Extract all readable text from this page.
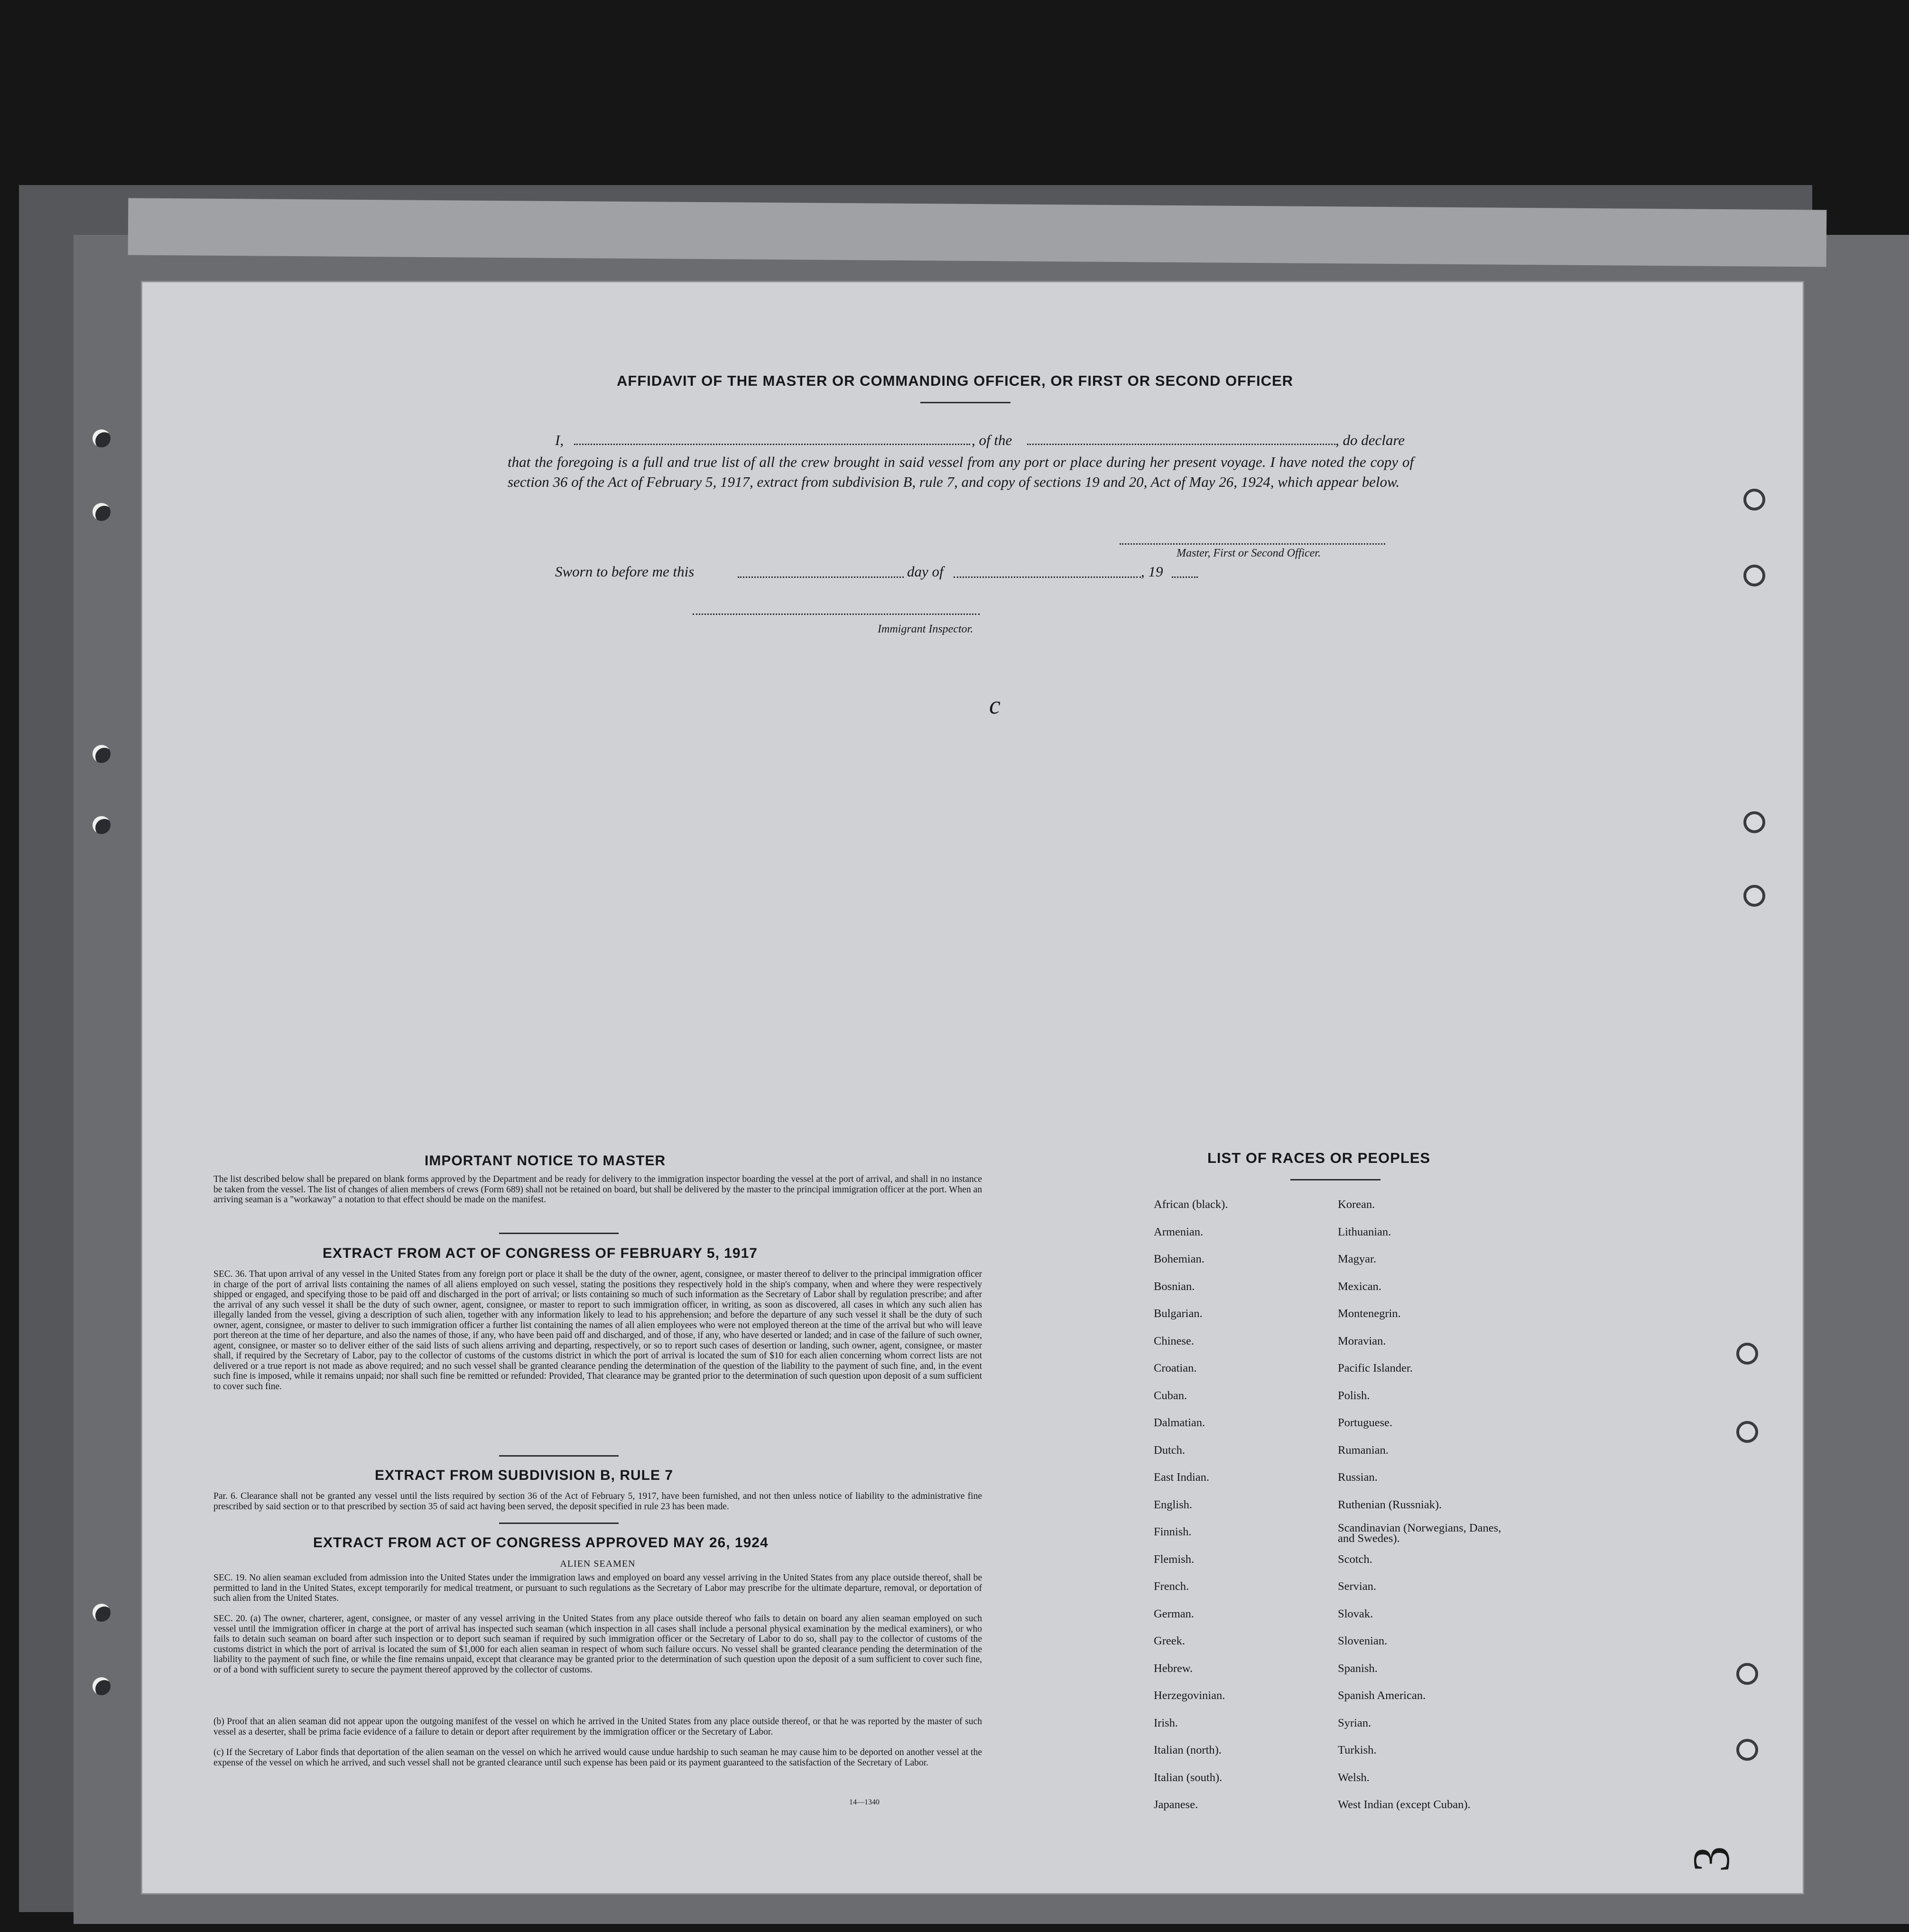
AFFIDAVIT OF THE MASTER OR COMMANDING OFFICER, OR FIRST OR SECOND OFFICER
I,	, of the	, do declare
that the foregoing is a full and true list of all the crew brought in said vessel from any port or place during her present voyage. I have noted the copy of section 36 of the Act of February 5, 1917, extract from subdivision B, rule 7, and copy of sections 19 and 20, Act of May 26, 1924, which appear below.
Master, First or Second Officer.
Sworn to before me this	day of	, 19
Immigrant Inspector.
c
IMPORTANT NOTICE TO MASTER
The list described below shall be prepared on blank forms approved by the Department and be ready for delivery to the immigration inspector boarding the vessel at the port of arrival, and shall in no instance be taken from the vessel. The list of changes of alien members of crews (Form 689) shall not be retained on board, but shall be delivered by the master to the principal immigration officer at the port. When an arriving seaman is a "workaway" a notation to that effect should be made on the manifest.
EXTRACT FROM ACT OF CONGRESS OF FEBRUARY 5, 1917
SEC. 36. That upon arrival of any vessel in the United States from any foreign port or place it shall be the duty of the owner, agent, consignee, or master thereof to deliver to the principal immigration officer in charge of the port of arrival lists containing the names of all aliens employed on such vessel, stating the positions they respectively hold in the ship's company, when and where they were respectively shipped or engaged, and specifying those to be paid off and discharged in the port of arrival; or lists containing so much of such information as the Secretary of Labor shall by regulation prescribe; and after the arrival of any such vessel it shall be the duty of such owner, agent, consignee, or master to report to such immigration officer, in writing, as soon as discovered, all cases in which any such alien has illegally landed from the vessel, giving a description of such alien, together with any information likely to lead to his apprehension; and before the departure of any such vessel it shall be the duty of such owner, agent, consignee, or master to deliver to such immigration officer a further list containing the names of all alien employees who were not employed thereon at the time of the arrival but who will leave port thereon at the time of her departure, and also the names of those, if any, who have been paid off and discharged, and of those, if any, who have deserted or landed; and in case of the failure of such owner, agent, consignee, or master so to deliver either of the said lists of such aliens arriving and departing, respectively, or so to report such cases of desertion or landing, such owner, agent, consignee, or master shall, if required by the Secretary of Labor, pay to the collector of customs of the customs district in which the port of arrival is located the sum of $10 for each alien concerning whom correct lists are not delivered or a true report is not made as above required; and no such vessel shall be granted clearance pending the determination of the question of the liability to the payment of such fine, and, in the event such fine is imposed, while it remains unpaid; nor shall such fine be remitted or refunded: Provided, That clearance may be granted prior to the determination of such question upon deposit of a sum sufficient to cover such fine.
EXTRACT FROM SUBDIVISION B, RULE 7
Par. 6. Clearance shall not be granted any vessel until the lists required by section 36 of the Act of February 5, 1917, have been furnished, and not then unless notice of liability to the administrative fine prescribed by said section or to that prescribed by section 35 of said act having been served, the deposit specified in rule 23 has been made.
EXTRACT FROM ACT OF CONGRESS APPROVED MAY 26, 1924
ALIEN SEAMEN
SEC. 19. No alien seaman excluded from admission into the United States under the immigration laws and employed on board any vessel arriving in the United States from any place outside thereof, shall be permitted to land in the United States, except temporarily for medical treatment, or pursuant to such regulations as the Secretary of Labor may prescribe for the ultimate departure, removal, or deportation of such alien from the United States.
SEC. 20. (a) The owner, charterer, agent, consignee, or master of any vessel arriving in the United States from any place outside thereof who fails to detain on board any alien seaman employed on such vessel until the immigration officer in charge at the port of arrival has inspected such seaman (which inspection in all cases shall include a personal physical examination by the medical examiners), or who fails to detain such seaman on board after such inspection or to deport such seaman if required by such immigration officer or the Secretary of Labor to do so, shall pay to the collector of customs of the customs district in which the port of arrival is located the sum of $1,000 for each alien seaman in respect of whom such failure occurs. No vessel shall be granted clearance pending the determination of the liability to the payment of such fine, or while the fine remains unpaid, except that clearance may be granted prior to the determination of such question upon the deposit of a sum sufficient to cover such fine, or of a bond with sufficient surety to secure the payment thereof approved by the collector of customs.
(b) Proof that an alien seaman did not appear upon the outgoing manifest of the vessel on which he arrived in the United States from any place outside thereof, or that he was reported by the master of such vessel as a deserter, shall be prima facie evidence of a failure to detain or deport after requirement by the immigration officer or the Secretary of Labor.
(c) If the Secretary of Labor finds that deportation of the alien seaman on the vessel on which he arrived would cause undue hardship to such seaman he may cause him to be deported on another vessel at the expense of the vessel on which he arrived, and such vessel shall not be granted clearance until such expense has been paid or its payment guaranteed to the satisfaction of the Secretary of Labor.
14—1340
LIST OF RACES OR PEOPLES
African (black).
Armenian.
Bohemian.
Bosnian.
Bulgarian.
Chinese.
Croatian.
Cuban.
Dalmatian.
Dutch.
East Indian.
English.
Finnish.
Flemish.
French.
German.
Greek.
Hebrew.
Herzegovinian.
Irish.
Italian (north).
Italian (south).
Japanese.
Korean.
Lithuanian.
Magyar.
Mexican.
Montenegrin.
Moravian.
Pacific Islander.
Polish.
Portuguese.
Rumanian.
Russian.
Ruthenian (Russniak).
Scandinavian (Norwegians, Danes, and Swedes).
Scotch.
Servian.
Slovak.
Slovenian.
Spanish.
Spanish American.
Syrian.
Turkish.
Welsh.
West Indian (except Cuban).
3
